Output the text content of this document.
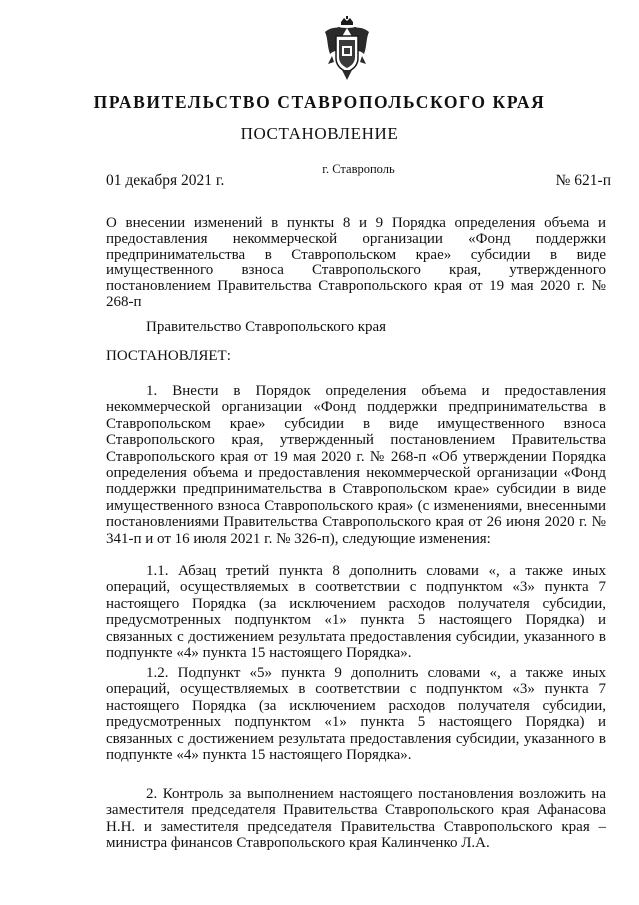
ПРАВИТЕЛЬСТВО СТАВРОПОЛЬСКОГО КРАЯ
ПОСТАНОВЛЕНИЕ
01 декабря 2021 г.
г. Ставрополь
№ 621-п
О внесении изменений в пункты 8 и 9 Порядка определения объема и предоставления некоммерческой организации «Фонд поддержки предпринимательства в Ставропольском крае» субсидии в виде имущественного взноса Ставропольского края, утвержденного постановлением Правительства Ставропольского края от 19 мая 2020 г. № 268-п
Правительство Ставропольского края
ПОСТАНОВЛЯЕТ:
1. Внести в Порядок определения объема и предоставления некоммерческой организации «Фонд поддержки предпринимательства в Ставропольском крае» субсидии в виде имущественного взноса Ставропольского края, утвержденный постановлением Правительства Ставропольского края от 19 мая 2020 г. № 268-п «Об утверждении Порядка определения объема и предоставления некоммерческой организации «Фонд поддержки предпринимательства в Ставропольском крае» субсидии в виде имущественного взноса Ставропольского края» (с изменениями, внесенными постановлениями Правительства Ставропольского края от 26 июня 2020 г. № 341-п и от 16 июля 2021 г. № 326-п), следующие изменения:
1.1. Абзац третий пункта 8 дополнить словами «, а также иных операций, осуществляемых в соответствии с подпунктом «3» пункта 7 настоящего Порядка (за исключением расходов получателя субсидии, предусмотренных подпунктом «1» пункта 5 настоящего Порядка) и связанных с достижением результата предоставления субсидии, указанного в подпункте «4» пункта 15 настоящего Порядка».
1.2. Подпункт «5» пункта 9 дополнить словами «, а также иных операций, осуществляемых в соответствии с подпунктом «3» пункта 7 настоящего Порядка (за исключением расходов получателя субсидии, предусмотренных подпунктом «1» пункта 5 настоящего Порядка) и связанных с достижением результата предоставления субсидии, указанного в подпункте «4» пункта 15 настоящего Порядка».
2. Контроль за выполнением настоящего постановления возложить на заместителя председателя Правительства Ставропольского края Афанасова Н.Н. и заместителя председателя Правительства Ставропольского края – министра финансов Ставропольского края Калинченко Л.А.
